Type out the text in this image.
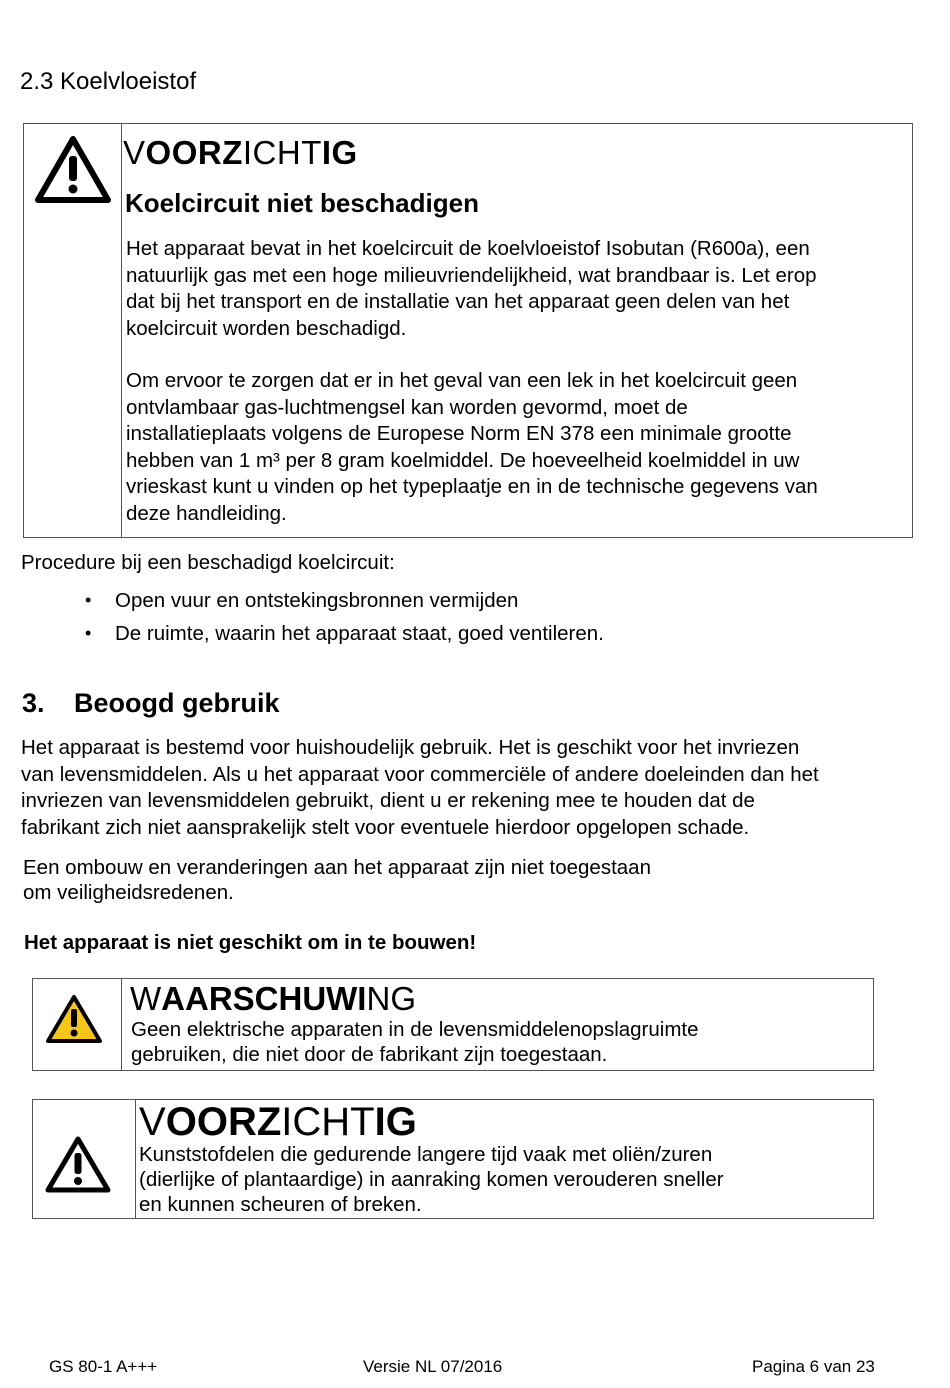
2.3 Koelvloeistof
VOORZICHTIG
Koelcircuit niet beschadigen
Het apparaat bevat in het koelcircuit de koelvloeistof Isobutan (R600a), een
natuurlijk gas met een hoge milieuvriendelijkheid, wat brandbaar is. Let erop
dat bij het transport en de installatie van het apparaat geen delen van het
koelcircuit worden beschadigd.
Om ervoor te zorgen dat er in het geval van een lek in het koelcircuit geen
ontvlambaar gas-luchtmengsel kan worden gevormd, moet de
installatieplaats volgens de Europese Norm EN 378 een minimale grootte
hebben van 1 m³ per 8 gram koelmiddel. De hoeveelheid koelmiddel in uw
vrieskast kunt u vinden op het typeplaatje en in de technische gegevens van
deze handleiding.
Procedure bij een beschadigd koelcircuit:
•	Open vuur en ontstekingsbronnen vermijden
•	De ruimte, waarin het apparaat staat, goed ventileren.
3. Beoogd gebruik
Het apparaat is bestemd voor huishoudelijk gebruik. Het is geschikt voor het invriezen
van levensmiddelen. Als u het apparaat voor commerciële of andere doeleinden dan het
invriezen van levensmiddelen gebruikt, dient u er rekening mee te houden dat de
fabrikant zich niet aansprakelijk stelt voor eventuele hierdoor opgelopen schade.
Een ombouw en veranderingen aan het apparaat zijn niet toegestaan
om veiligheidsredenen.
Het apparaat is niet geschikt om in te bouwen!
WAARSCHUWING
Geen elektrische apparaten in de levensmiddelenopslagruimte
gebruiken, die niet door de fabrikant zijn toegestaan.
VOORZICHTIG
Kunststofdelen die gedurende langere tijd vaak met oliën/zuren
(dierlijke of plantaardige) in aanraking komen verouderen sneller
en kunnen scheuren of breken.
GS 80-1 A+++	Versie NL 07/2016	Pagina 6 van 23
